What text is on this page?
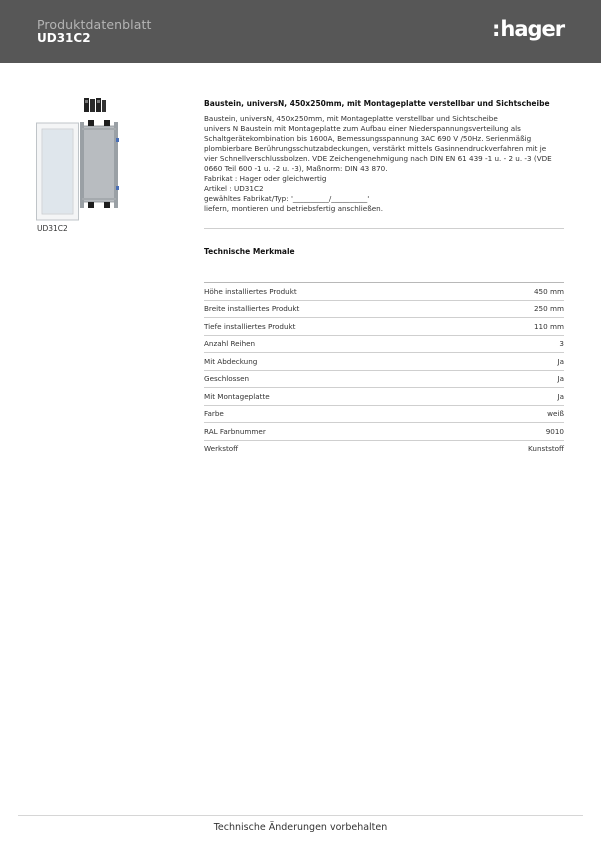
Produktdatenblatt
UD31C2	:hager
UD31C2
Baustein, universN, 450x250mm, mit Montageplatte verstellbar und Sichtscheibe
Baustein, universN, 450x250mm, mit Montageplatte verstellbar und Sichtscheibe
univers N Baustein mit Montageplatte zum Aufbau einer Niederspannungsverteilung als
Schaltgerätekombination bis 1600A, Bemessungsspannung 3AC 690 V /50Hz. Serienmäßig
plombierbare Berührungsschutzabdeckungen, verstärkt mittels Gasinnendruckverfahren mit je
vier Schnellverschlussbolzen. VDE Zeichengenehmigung nach DIN EN 61 439 -1 u. - 2 u. -3 (VDE
0660 Teil 600 -1 u. -2 u. -3), Maßnorm: DIN 43 870.
Fabrikat : Hager oder gleichwertig
Artikel : UD31C2
gewähltes Fabrikat/Typ: '__________/__________'
liefern, montieren und betriebsfertig anschließen.
Technische Merkmale
Höhe installiertes Produkt	450 mm
Breite installiertes Produkt	250 mm
Tiefe installiertes Produkt	110 mm
Anzahl Reihen	3
Mit Abdeckung	Ja
Geschlossen	Ja
Mit Montageplatte	Ja
Farbe	weiß
RAL Farbnummer	9010
Werkstoff	Kunststoff
Technische Änderungen vorbehalten
